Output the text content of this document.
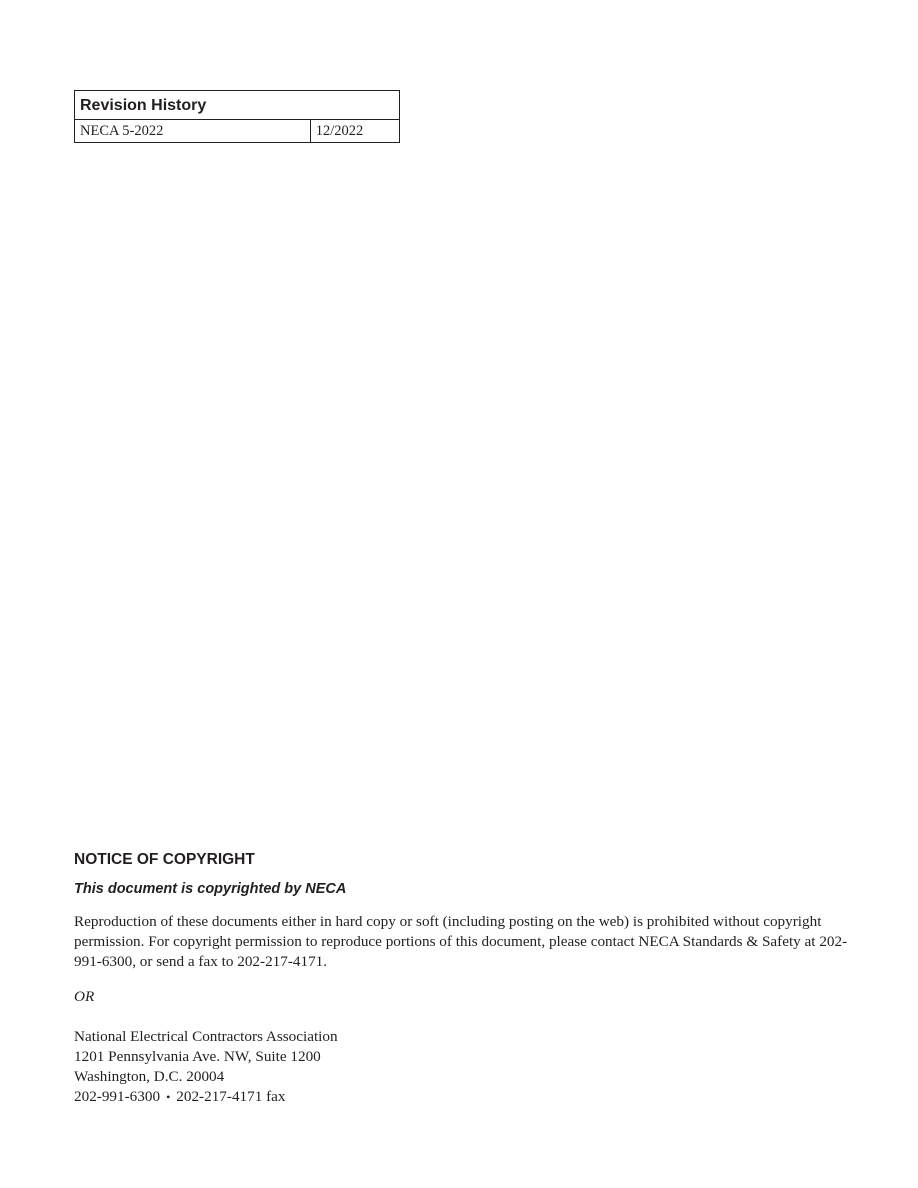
Revision History
NECA 5-2022	12/2022

NOTICE OF COPYRIGHT

This document is copyrighted by NECA

Reproduction of these documents either in hard copy or soft (including posting on the web) is prohibited without copyright permission. For copyright permission to reproduce portions of this document, please contact NECA Standards & Safety at 202-991-6300, or send a fax to 202-217-4171.

OR

National Electrical Contractors Association
1201 Pennsylvania Ave. NW, Suite 1200
Washington, D.C. 20004
202-991-6300 • 202-217-4171 fax
